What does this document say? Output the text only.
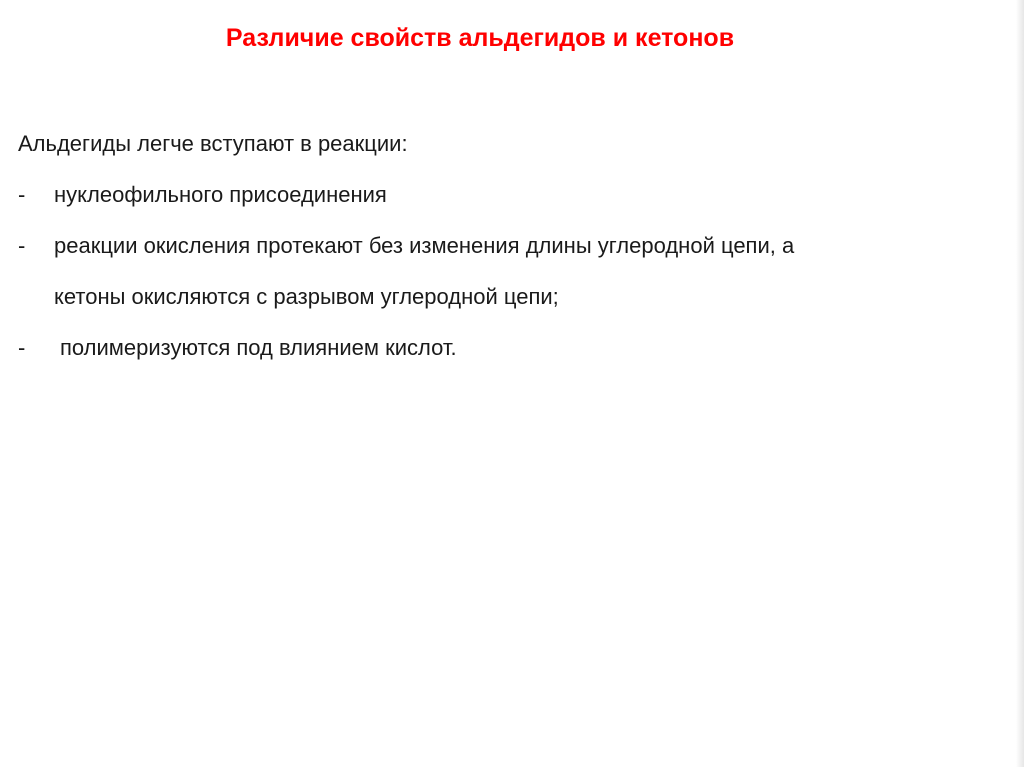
Различие свойств альдегидов и кетонов
Альдегиды легче вступают в реакции:
- нуклеофильного присоединения
- реакции окисления протекают без изменения длины углеродной цепи, а
кетоны окисляются с разрывом углеродной цепи;
- полимеризуются под влиянием кислот.
